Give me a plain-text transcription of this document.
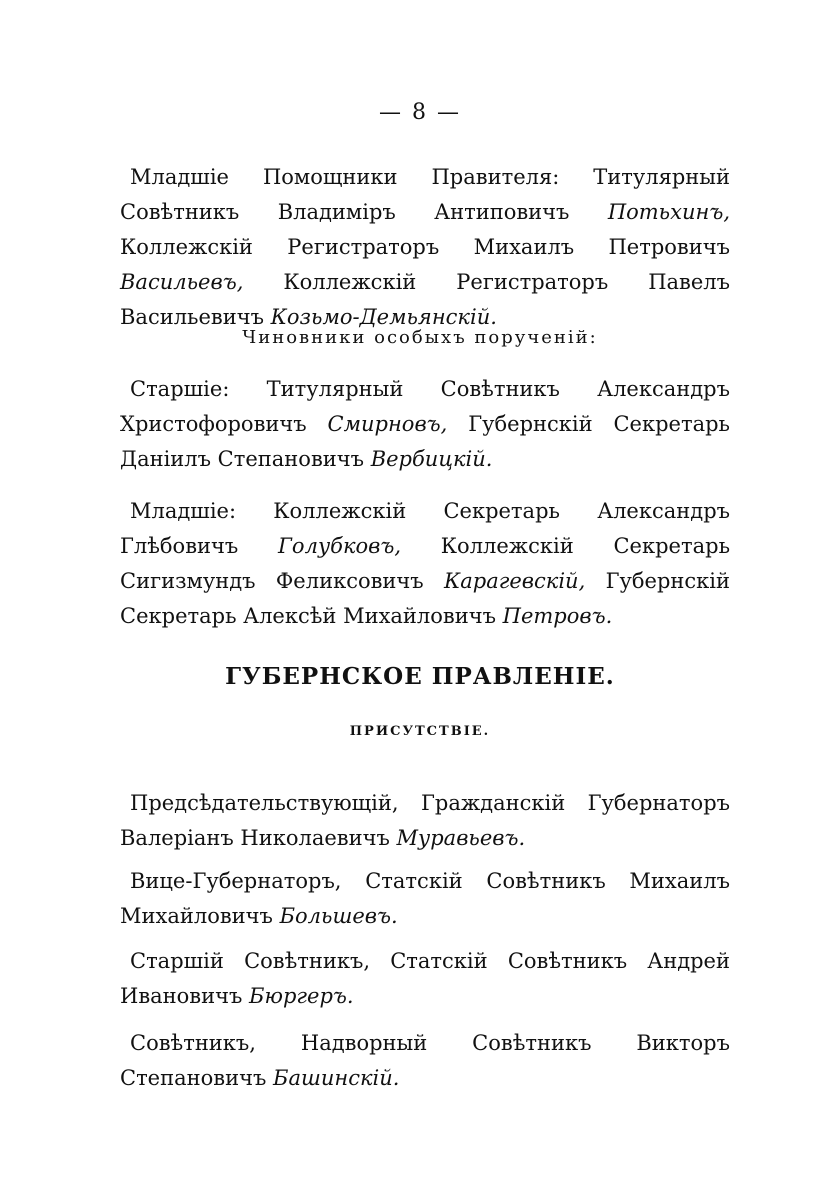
— 8 —
Младшіе Помощники Правителя: Титулярный Совѣтникъ Владиміръ Антиповичъ Потьхинъ, Коллежскій Регистраторъ Михаилъ Петровичъ Васильевъ, Коллежскій Регистраторъ Павелъ Васильевичъ Козьмо-Демьянскій.
Чиновники особыхъ порученій:
Старшіе: Титулярный Совѣтникъ Александръ Христофоровичъ Смирновъ, Губернскій Секретарь Даніилъ Степановичъ Вербицкій.
Младшіе: Коллежскій Секретарь Александръ Глѣбовичъ Голубковъ, Коллежскій Секретарь Сигизмундъ Феликсовичъ Карагевскій, Губернскій Секретарь Алексѣй Михайловичъ Петровъ.
ГУБЕРНСКОЕ ПРАВЛЕНІЕ.
ПРИСУТСТВІЕ.
Предсѣдательствующій, Гражданскій Губернаторъ Валеріанъ Николаевичъ Муравьевъ.
Вице-Губернаторъ, Статскій Совѣтникъ Михаилъ Михайловичъ Большевъ.
Старшій Совѣтникъ, Статскій Совѣтникъ Андрей Ивановичъ Бюргеръ.
Совѣтникъ, Надворный Совѣтникъ Викторъ Степановичъ Башинскій.
